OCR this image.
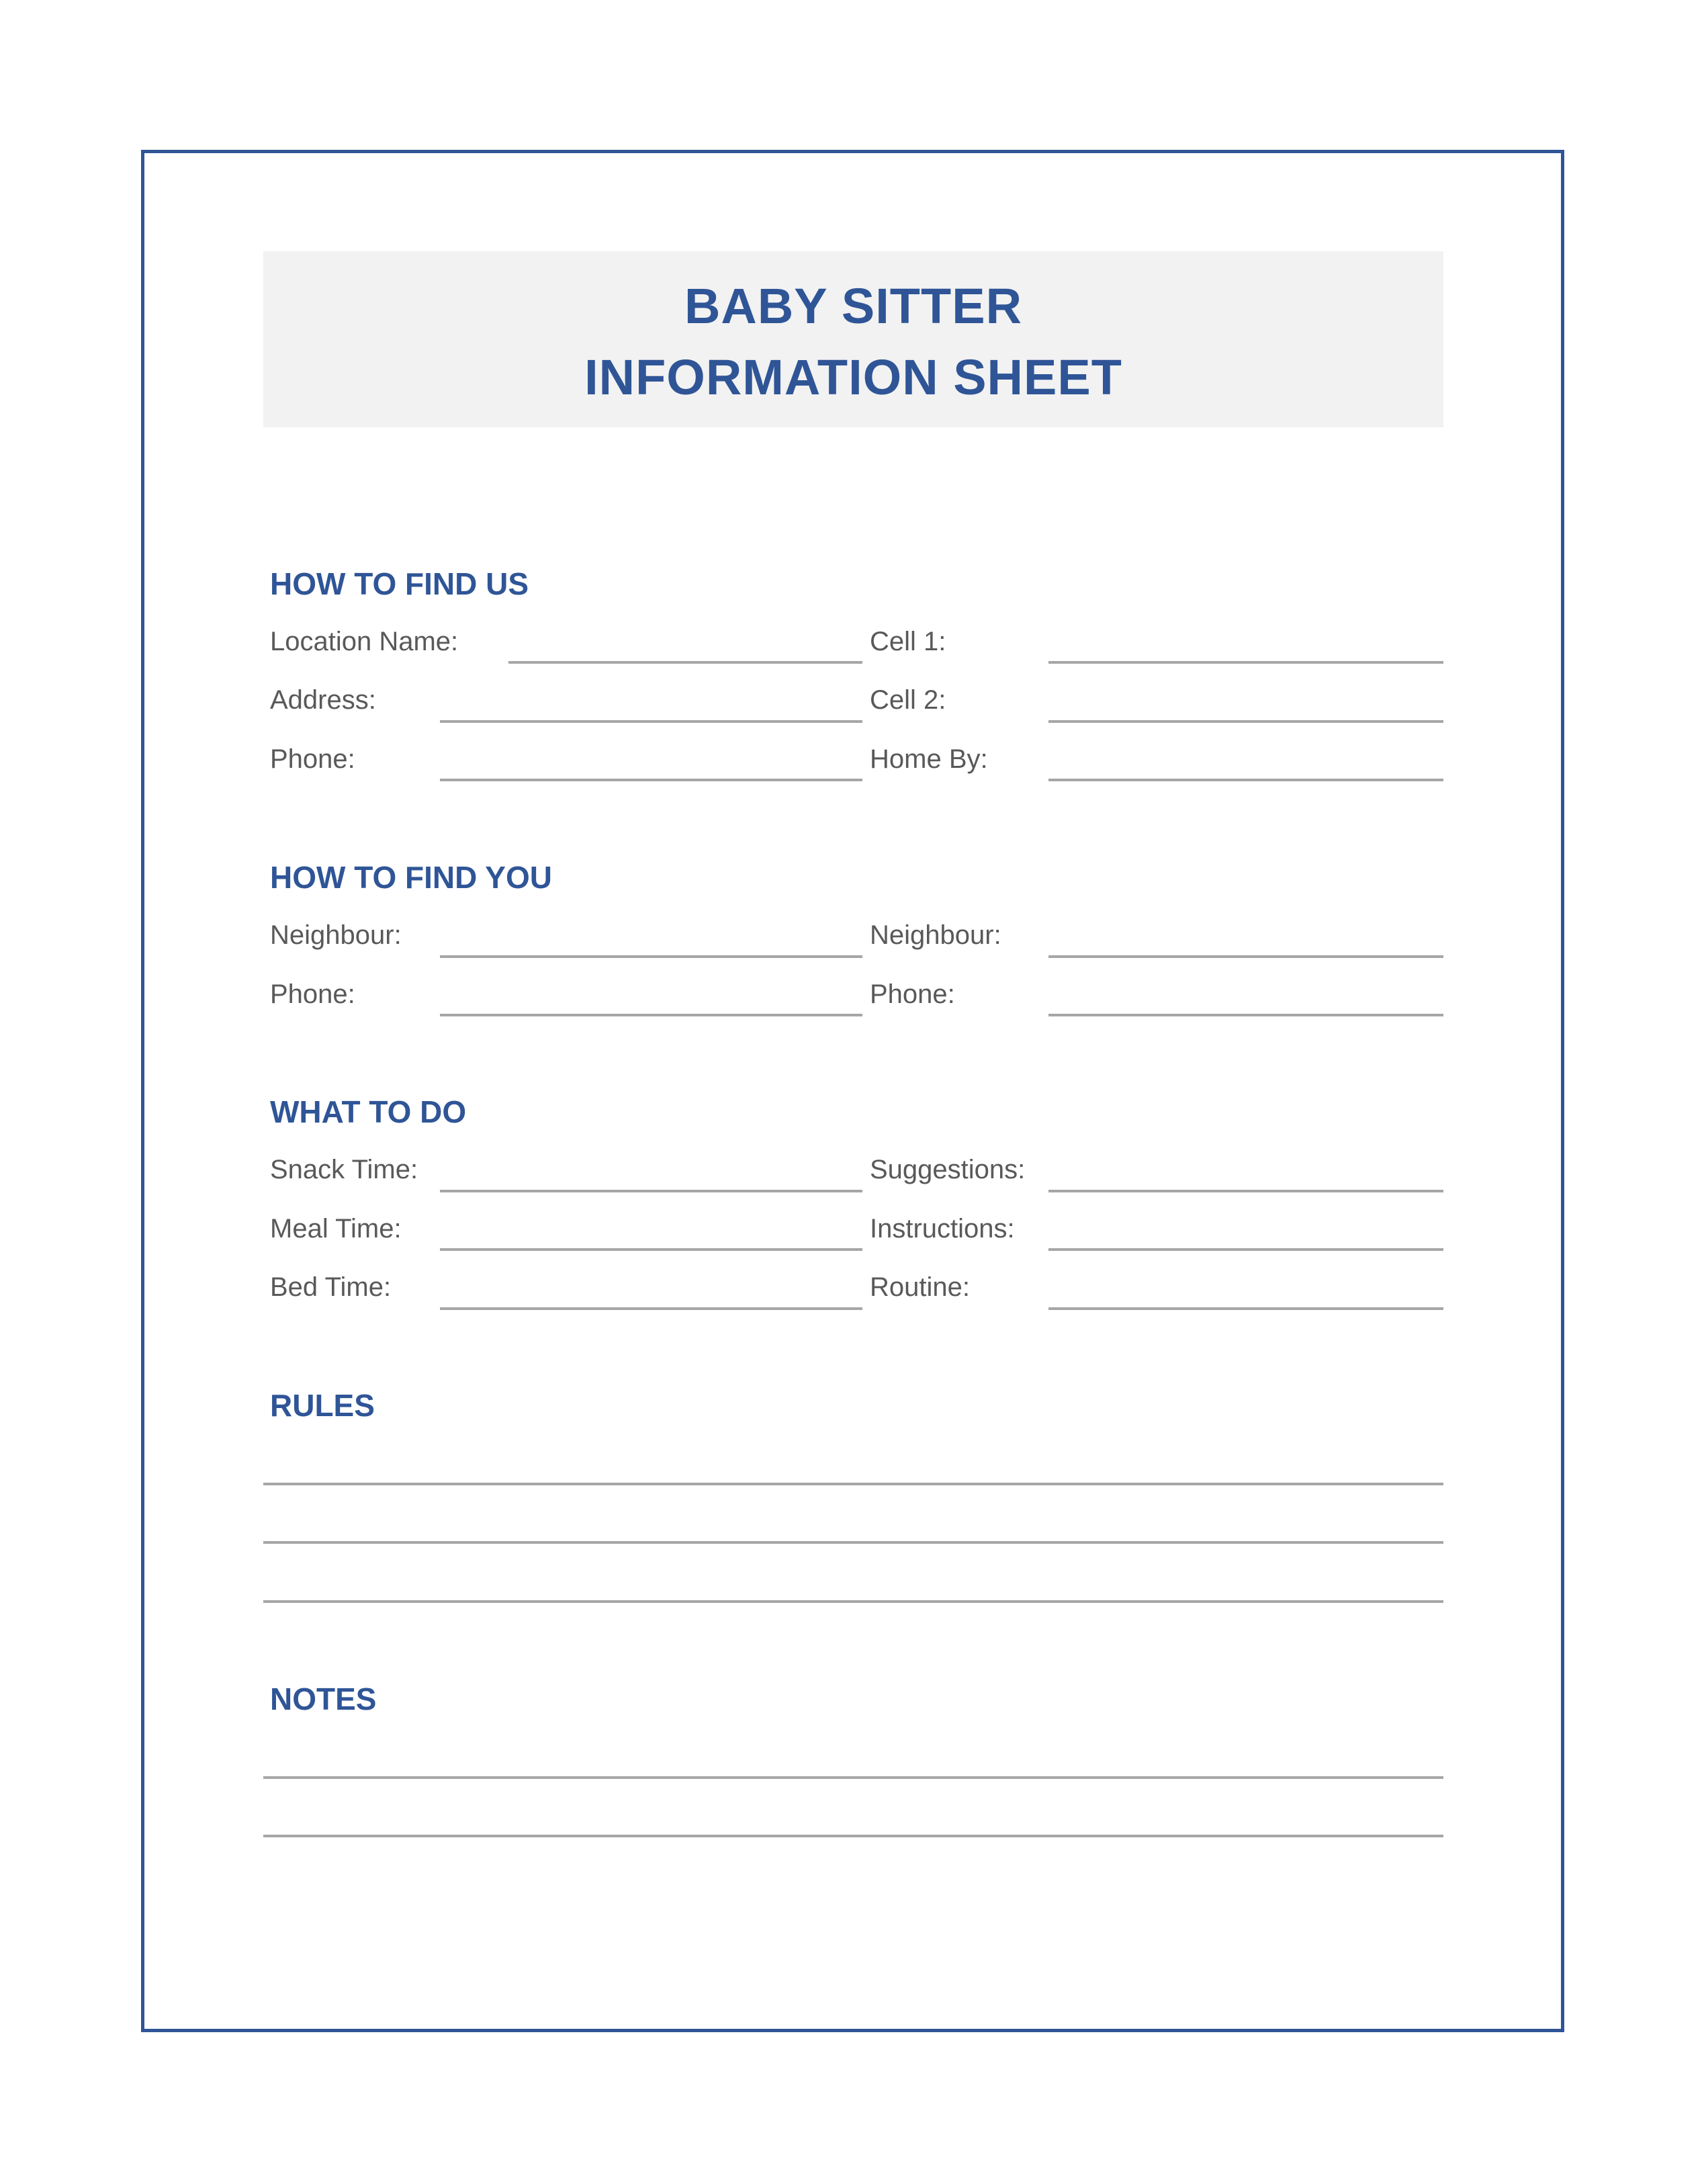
BABY SITTER
INFORMATION SHEET
HOW TO FIND US
Location Name:	Cell 1:
Address:	Cell 2:
Phone:	Home By:
HOW TO FIND YOU
Neighbour:	Neighbour:
Phone:	Phone:
WHAT TO DO
Snack Time:	Suggestions:
Meal Time:	Instructions:
Bed Time:	Routine:
RULES
NOTES
